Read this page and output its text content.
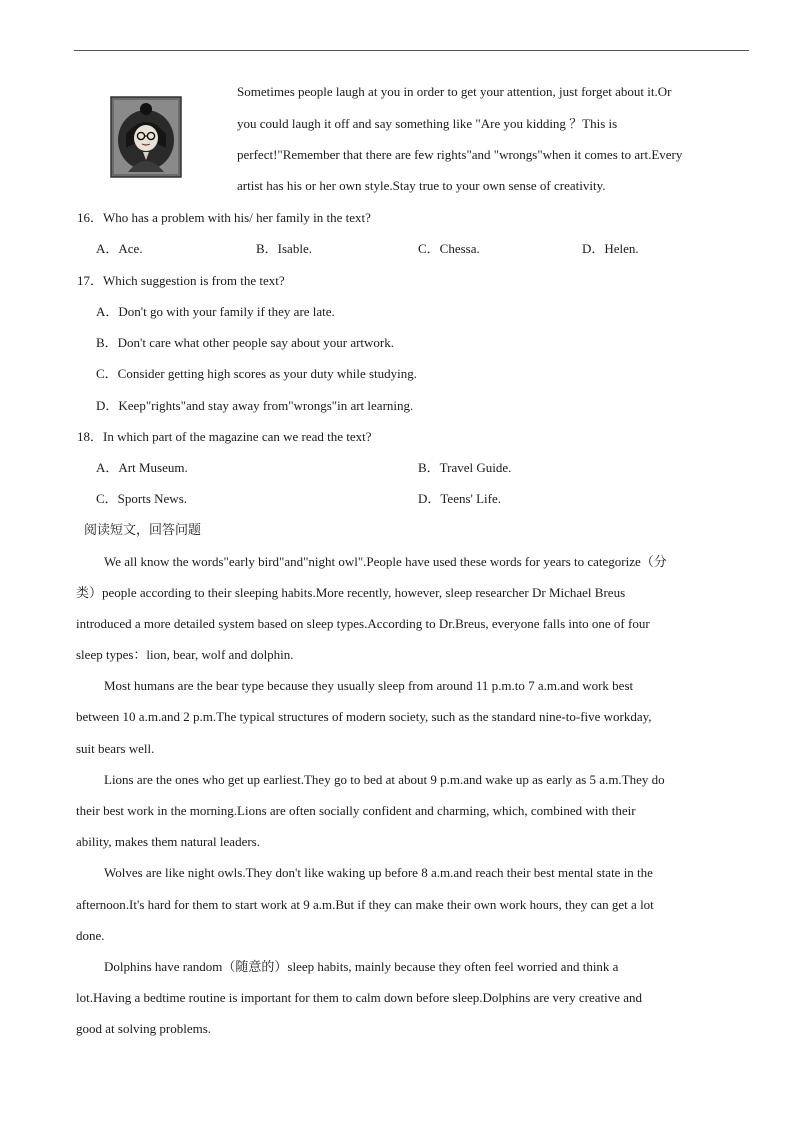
Sometimes people laugh at you in order to get your attention, just forget about it.Or
you could laugh it off and say something like "Are you kidding ？This is
perfect!"Remember that there are few rights"and "wrongs"when it comes to art.Every
artist has his or her own style.Stay true to your own sense of creativity.
16．Who has a problem with his/ her family in the text?
A．Ace.	B．Isable.	C．Chessa.	D．Helen.
17．Which suggestion is from the text?
A．Don't go with your family if they are late.
B．Don't care what other people say about your artwork.
C．Consider getting high scores as your duty while studying.
D．Keep"rights"and stay away from"wrongs"in art learning.
18．In which part of the magazine can we read the text?
A．Art Museum.	B．Travel Guide.
C．Sports News.	D．Teens' Life.
阅读短文，回答问题
We all know the words"early bird"and"night owl".People have used these words for years to categorize（分
类）people according to their sleeping habits.More recently, however, sleep researcher Dr Michael Breus
introduced a more detailed system based on sleep types.According to Dr.Breus, everyone falls into one of four
sleep types：lion, bear, wolf and dolphin.
Most humans are the bear type because they usually sleep from around 11 p.m.to 7 a.m.and work best
between 10 a.m.and 2 p.m.The typical structures of modern society, such as the standard nine-to-five workday,
suit bears well.
Lions are the ones who get up earliest.They go to bed at about 9 p.m.and wake up as early as 5 a.m.They do
their best work in the morning.Lions are often socially confident and charming, which, combined with their
ability, makes them natural leaders.
Wolves are like night owls.They don't like waking up before 8 a.m.and reach their best mental state in the
afternoon.It's hard for them to start work at 9 a.m.But if they can make their own work hours, they can get a lot
done.
Dolphins have random（随意的）sleep habits, mainly because they often feel worried and think a
lot.Having a bedtime routine is important for them to calm down before sleep.Dolphins are very creative and
good at solving problems.
